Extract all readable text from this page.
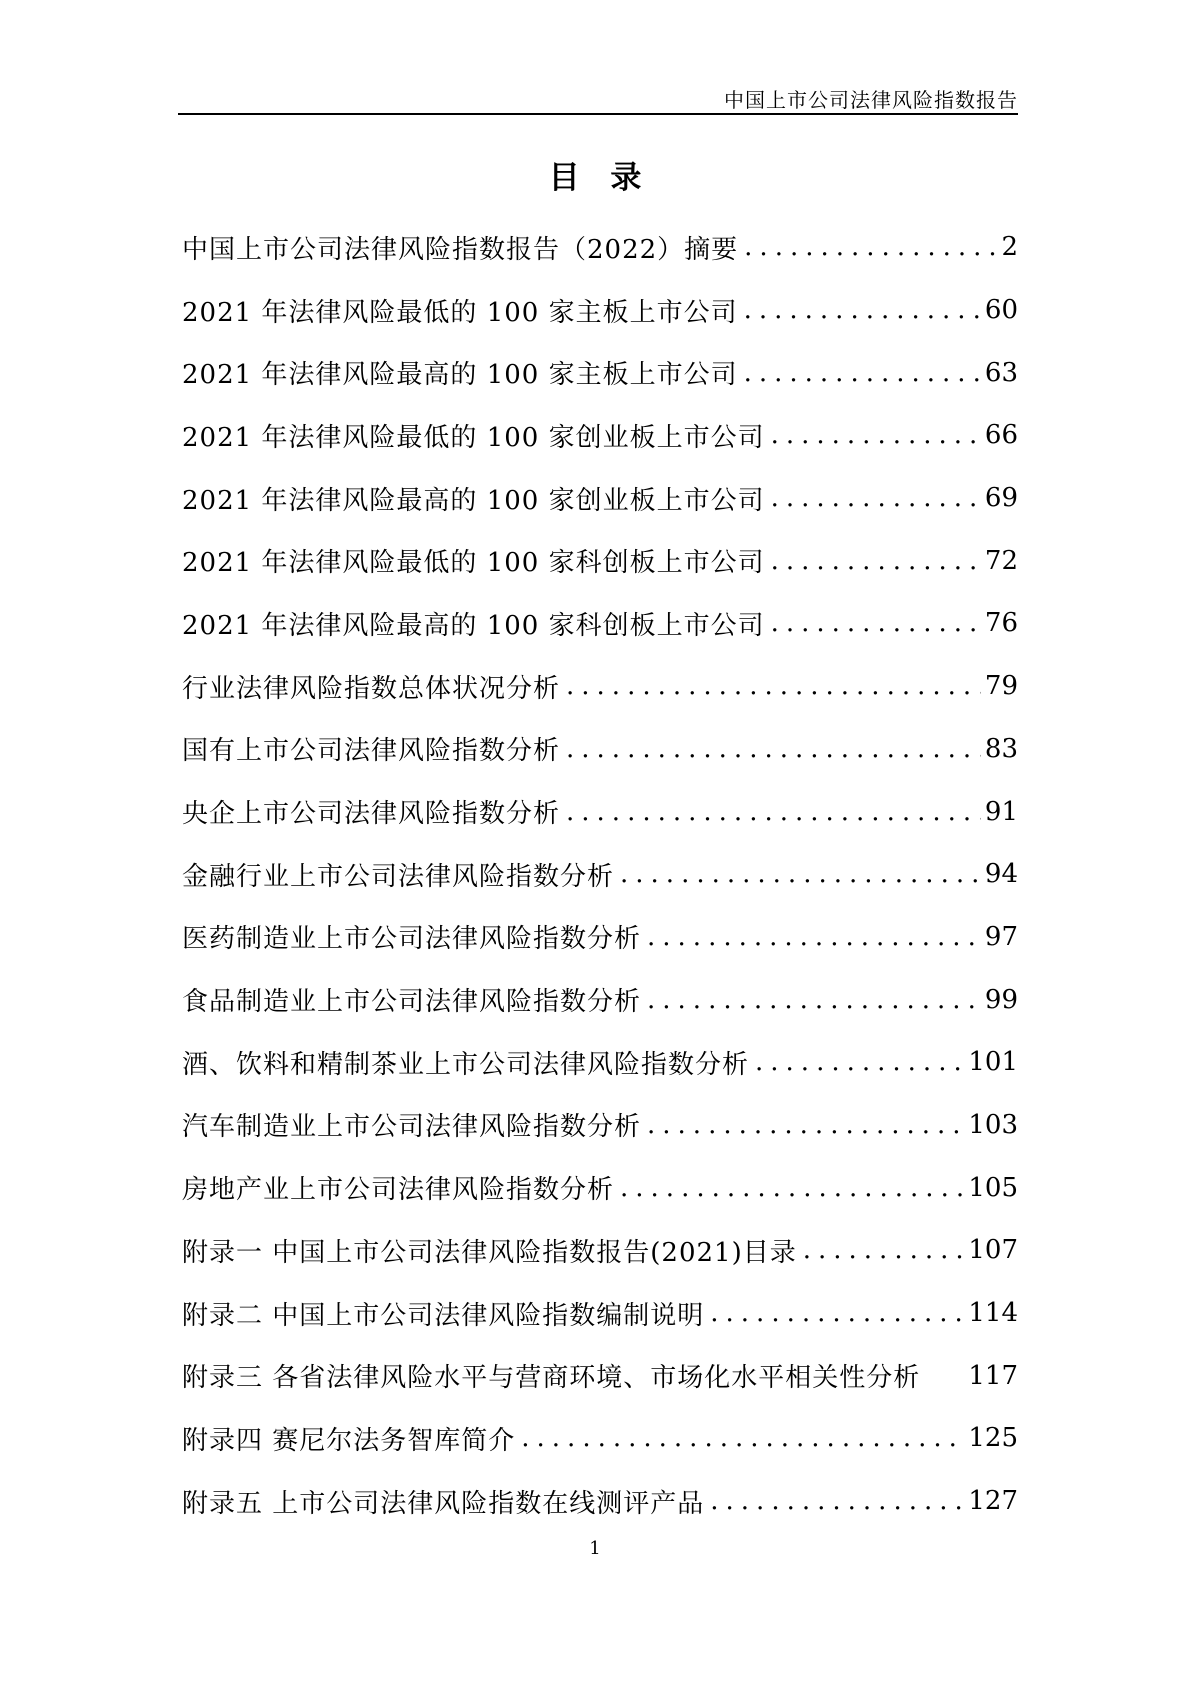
中国上市公司法律风险指数报告
目 录
中国上市公司法律风险指数报告（2022）摘要 .....	2
2021 年法律风险最低的 100 家主板上市公司 .....	60
2021 年法律风险最高的 100 家主板上市公司 .....	63
2021 年法律风险最低的 100 家创业板上市公司 .....	66
2021 年法律风险最高的 100 家创业板上市公司 .....	69
2021 年法律风险最低的 100 家科创板上市公司 .....	72
2021 年法律风险最高的 100 家科创板上市公司 .....	76
行业法律风险指数总体状况分析 .....	79
国有上市公司法律风险指数分析 .....	83
央企上市公司法律风险指数分析 .....	91
金融行业上市公司法律风险指数分析 .....	94
医药制造业上市公司法律风险指数分析 .....	97
食品制造业上市公司法律风险指数分析 .....	99
酒、饮料和精制茶业上市公司法律风险指数分析 .....	101
汽车制造业上市公司法律风险指数分析 .....	103
房地产业上市公司法律风险指数分析 .....	105
附录一 中国上市公司法律风险指数报告(2021)目录 .....	107
附录二 中国上市公司法律风险指数编制说明 .....	114
附录三 各省法律风险水平与营商环境、市场化水平相关性分析 117
附录四 赛尼尔法务智库简介 .....	125
附录五 上市公司法律风险指数在线测评产品 .....	127
1
